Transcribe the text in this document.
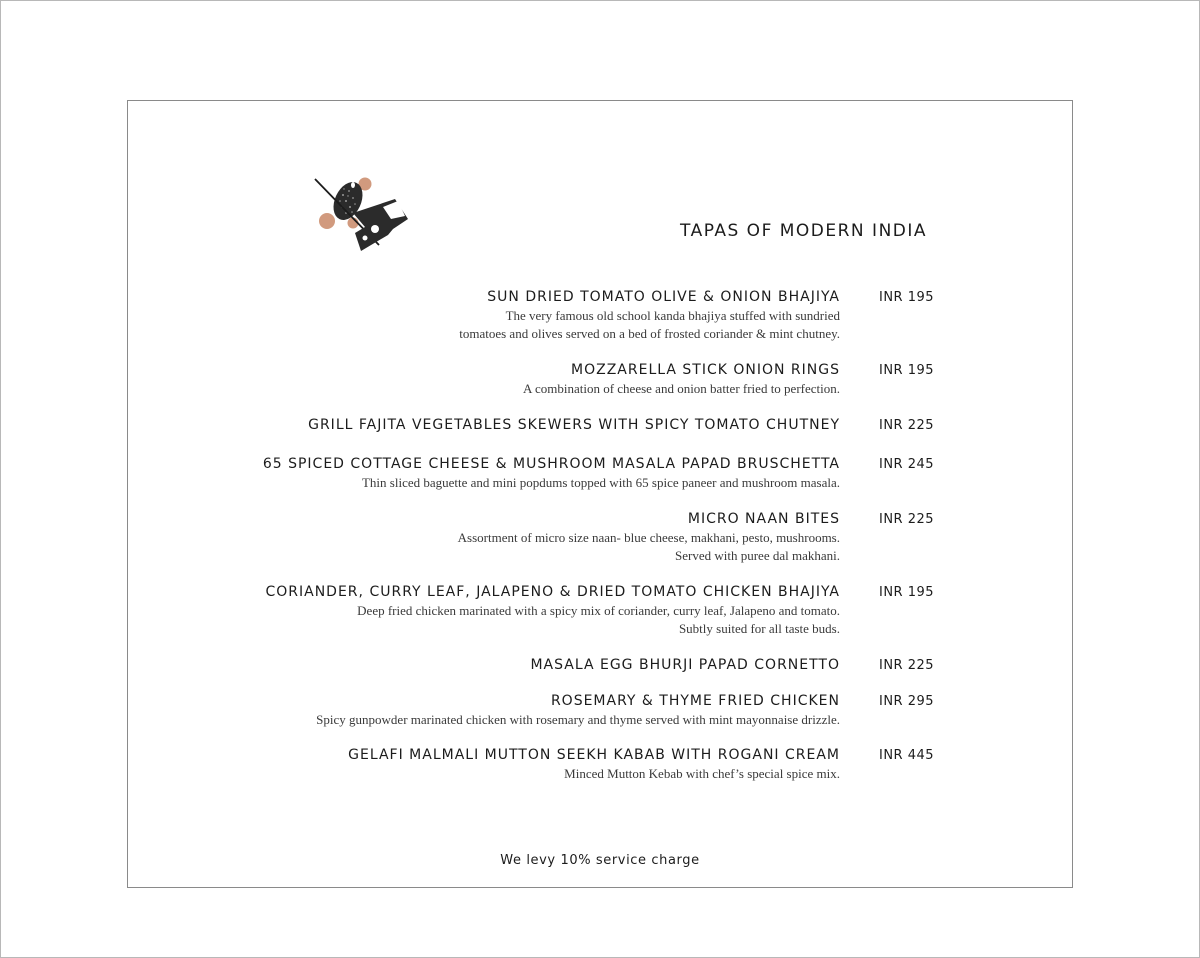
TAPAS OF MODERN INDIA
SUN DRIED TOMATO OLIVE & ONION BHAJIYA	INR 195
The very famous old school kanda bhajiya stuffed with sundried
tomatoes and olives served on a bed of frosted coriander & mint chutney.
MOZZARELLA STICK ONION RINGS	INR 195
A combination of cheese and onion batter fried to perfection.
GRILL FAJITA VEGETABLES SKEWERS WITH SPICY TOMATO CHUTNEY	INR 225
65 SPICED COTTAGE CHEESE & MUSHROOM MASALA PAPAD BRUSCHETTA	INR 245
Thin sliced baguette and mini popdums topped with 65 spice paneer and mushroom masala.
MICRO NAAN BITES	INR 225
Assortment of micro size naan- blue cheese, makhani, pesto, mushrooms.
Served with puree dal makhani.
CORIANDER, CURRY LEAF, JALAPENO & DRIED TOMATO CHICKEN BHAJIYA	INR 195
Deep fried chicken marinated with a spicy mix of coriander, curry leaf, Jalapeno and tomato.
Subtly suited for all taste buds.
MASALA EGG BHURJI PAPAD CORNETTO	INR 225
ROSEMARY & THYME FRIED CHICKEN	INR 295
Spicy gunpowder marinated chicken with rosemary and thyme served with mint mayonnaise drizzle.
GELAFI MALMALI MUTTON SEEKH KABAB WITH ROGANI CREAM	INR 445
Minced Mutton Kebab with chef’s special spice mix.
We levy 10% service charge
